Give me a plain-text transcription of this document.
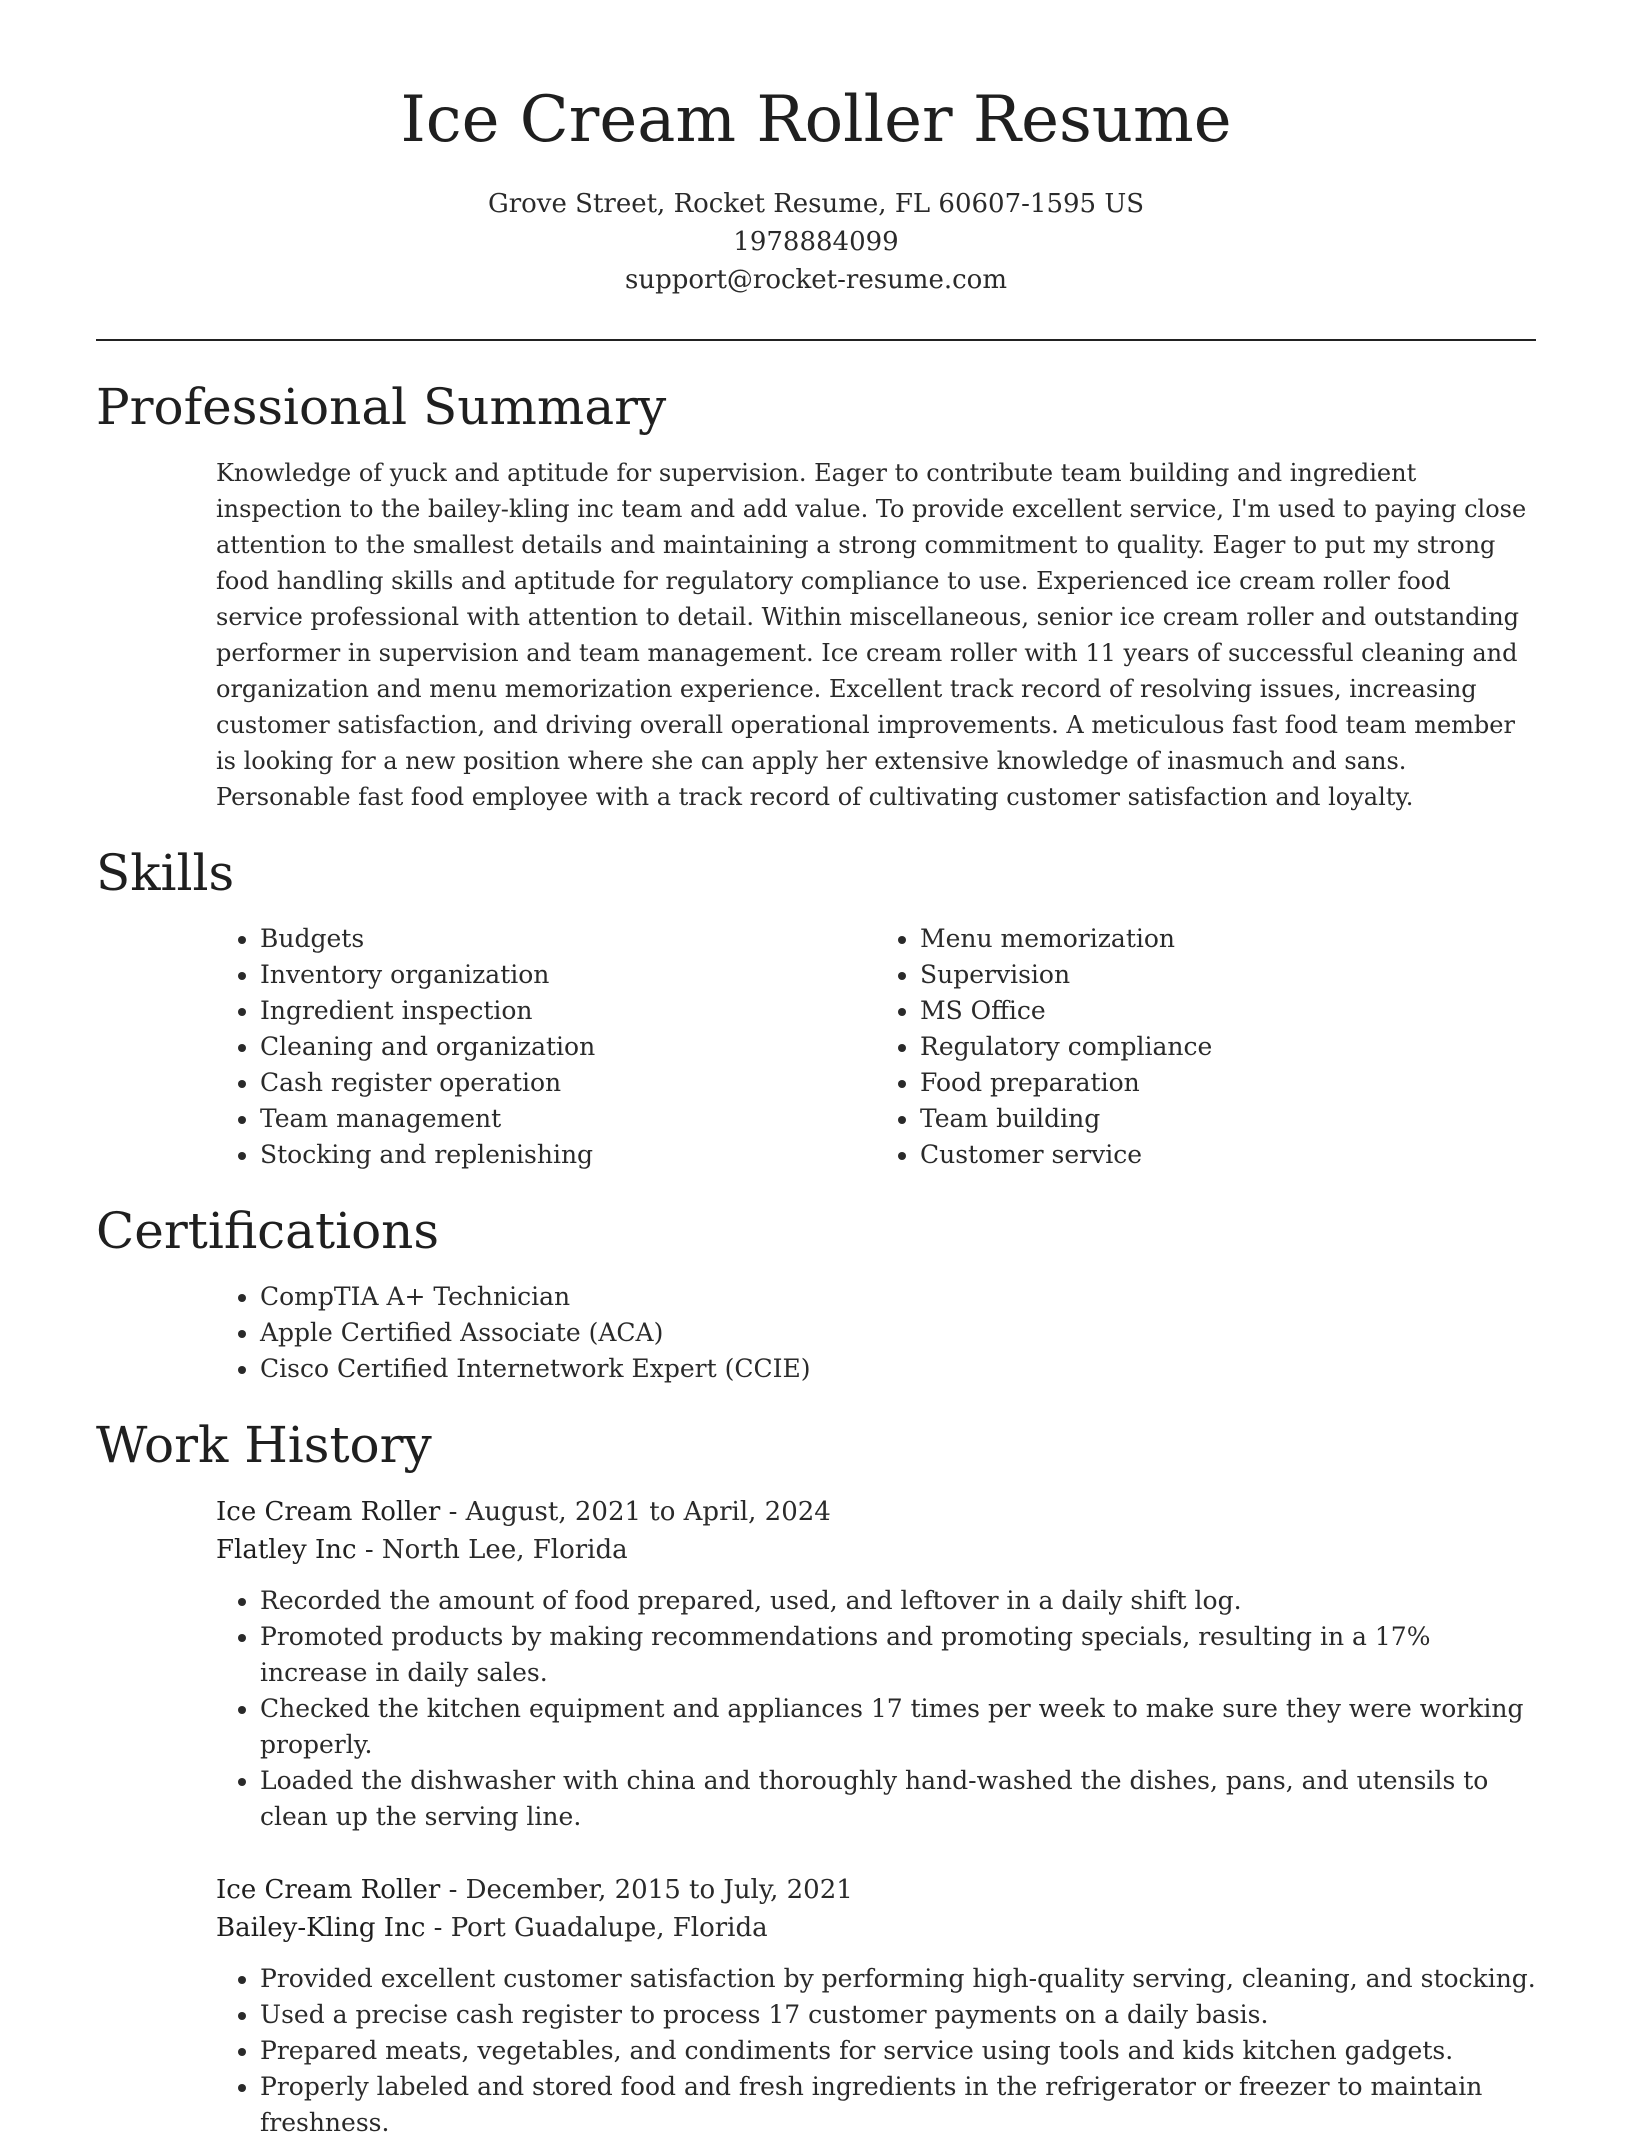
Ice Cream Roller Resume
Grove Street, Rocket Resume, FL 60607-1595 US
1978884099
support@rocket-resume.com
Professional Summary

Knowledge of yuck and aptitude for supervision. Eager to contribute team building and ingredient inspection to the bailey-kling inc team and add value. To provide excellent service, I'm used to paying close attention to the smallest details and maintaining a strong commitment to quality. Eager to put my strong food handling skills and aptitude for regulatory compliance to use. Experienced ice cream roller food service professional with attention to detail. Within miscellaneous, senior ice cream roller and outstanding performer in supervision and team management. Ice cream roller with 11 years of successful cleaning and organization and menu memorization experience. Excellent track record of resolving issues, increasing customer satisfaction, and driving overall operational improvements. A meticulous fast food team member is looking for a new position where she can apply her extensive knowledge of inasmuch and sans. Personable fast food employee with a track record of cultivating customer satisfaction and loyalty.

Skills
• Budgets
• Inventory organization
• Ingredient inspection
• Cleaning and organization
• Cash register operation
• Team management
• Stocking and replenishing
• Menu memorization
• Supervision
• MS Office
• Regulatory compliance
• Food preparation
• Team building
• Customer service
Certifications
• CompTIA A+ Technician
• Apple Certified Associate (ACA)
• Cisco Certified Internetwork Expert (CCIE)
Work History
Ice Cream Roller - August, 2021 to April, 2024
Flatley Inc - North Lee, Florida
• Recorded the amount of food prepared, used, and leftover in a daily shift log.
• Promoted products by making recommendations and promoting specials, resulting in a 17% increase in daily sales.
• Checked the kitchen equipment and appliances 17 times per week to make sure they were working properly.
• Loaded the dishwasher with china and thoroughly hand-washed the dishes, pans, and utensils to clean up the serving line.
Ice Cream Roller - December, 2015 to July, 2021
Bailey-Kling Inc - Port Guadalupe, Florida
• Provided excellent customer satisfaction by performing high-quality serving, cleaning, and stocking.
• Used a precise cash register to process 17 customer payments on a daily basis.
• Prepared meats, vegetables, and condiments for service using tools and kids kitchen gadgets.
• Properly labeled and stored food and fresh ingredients in the refrigerator or freezer to maintain freshness.
